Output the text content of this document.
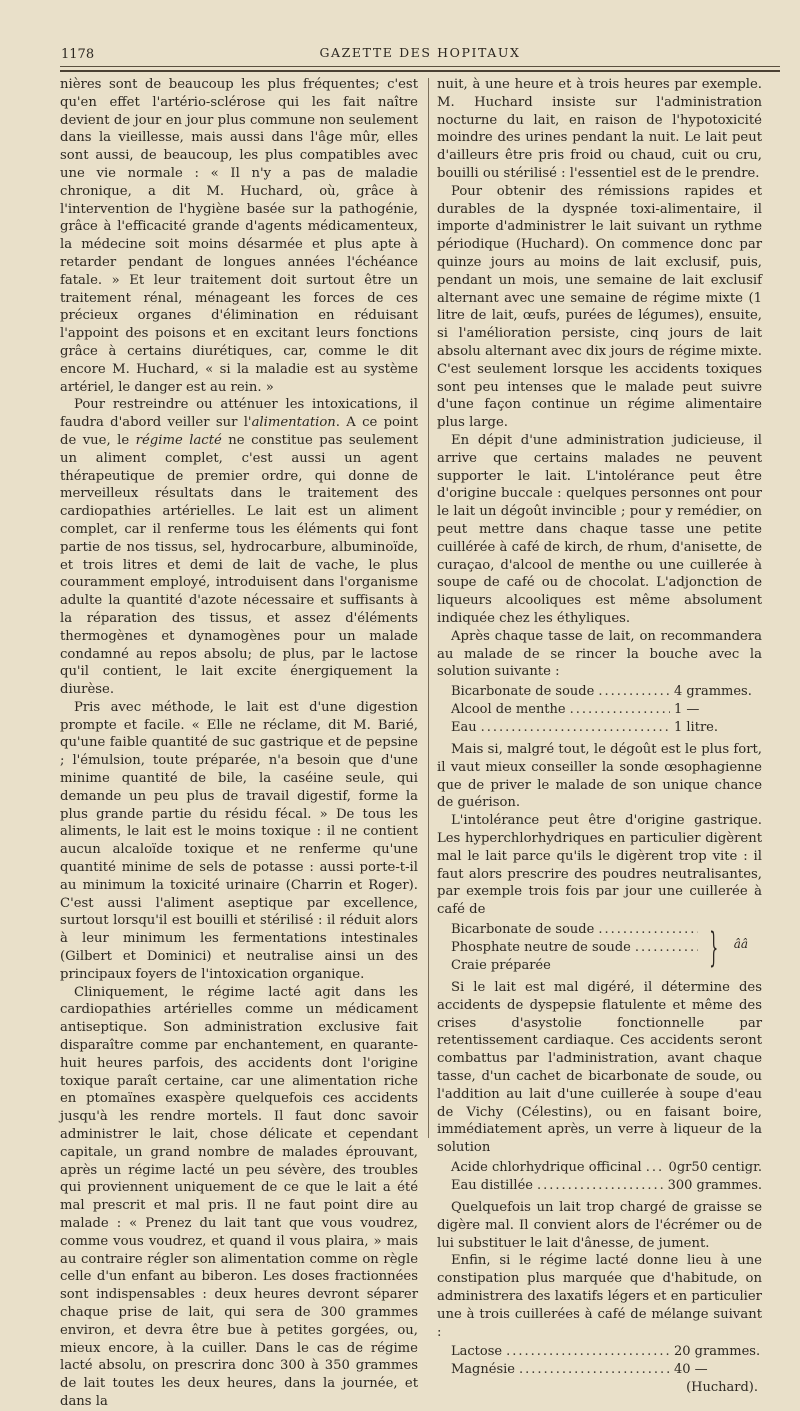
1178	GAZETTE DES HOPITAUX

nières sont de beaucoup les plus fréquentes; c'est qu'en effet l'artério-sclérose qui les fait naître devient de jour en jour plus commune non seulement dans la vieillesse, mais aussi dans l'âge mûr, elles sont aussi, de beaucoup, les plus compatibles avec une vie normale : « Il n'y a pas de maladie chronique, a dit M. Huchard, où, grâce à l'intervention de l'hygiène basée sur la pathogénie, grâce à l'efficacité grande d'agents médicamenteux, la médecine soit moins désarmée et plus apte à retarder pendant de longues années l'échéance fatale. » Et leur traitement doit surtout être un traitement rénal, ménageant les forces de ces précieux organes d'élimination en réduisant l'appoint des poisons et en excitant leurs fonctions grâce à certains diurétiques, car, comme le dit encore M. Huchard, « si la maladie est au système artériel, le danger est au rein. »

Pour restreindre ou atténuer les intoxications, il faudra d'abord veiller sur l'alimentation. A ce point de vue, le régime lacté ne constitue pas seulement un aliment complet, c'est aussi un agent thérapeutique de premier ordre, qui donne de merveilleux résultats dans le traitement des cardiopathies artérielles. Le lait est un aliment complet, car il renferme tous les éléments qui font partie de nos tissus, sel, hydrocarbure, albuminoïde, et trois litres et demi de lait de vache, le plus couramment employé, introduisent dans l'organisme adulte la quantité d'azote nécessaire et suffisants à la réparation des tissus, et assez d'éléments thermogènes et dynamogènes pour un malade condamné au repos absolu; de plus, par le lactose qu'il contient, le lait excite énergiquement la diurèse.

Pris avec méthode, le lait est d'une digestion prompte et facile. « Elle ne réclame, dit M. Barié, qu'une faible quantité de suc gastrique et de pepsine ; l'émulsion, toute préparée, n'a besoin que d'une minime quantité de bile, la caséine seule, qui demande un peu plus de travail digestif, forme la plus grande partie du résidu fécal. » De tous les aliments, le lait est le moins toxique : il ne contient aucun alcaloïde toxique et ne renferme qu'une quantité minime de sels de potasse : aussi porte-t-il au minimum la toxicité urinaire (Charrin et Roger). C'est aussi l'aliment aseptique par excellence, surtout lorsqu'il est bouilli et stérilisé : il réduit alors à leur minimum les fermentations intestinales (Gilbert et Dominici) et neutralise ainsi un des principaux foyers de l'intoxication organique.

Cliniquement, le régime lacté agit dans les cardiopathies artérielles comme un médicament antiseptique. Son administration exclusive fait disparaître comme par enchantement, en quarante-huit heures parfois, des accidents dont l'origine toxique paraît certaine, car une alimentation riche en ptomaïnes exaspère quelquefois ces accidents jusqu'à les rendre mortels. Il faut donc savoir administrer le lait, chose délicate et cependant capitale, un grand nombre de malades éprouvant, après un régime lacté un peu sévère, des troubles qui proviennent uniquement de ce que le lait a été mal prescrit et mal pris. Il ne faut point dire au malade : « Prenez du lait tant que vous voudrez, comme vous voudrez, et quand il vous plaira, » mais au contraire régler son alimentation comme on règle celle d'un enfant au biberon. Les doses fractionnées sont indispensables : deux heures devront séparer chaque prise de lait, qui sera de 300 grammes environ, et devra être bue à petites gorgées, ou, mieux encore, à la cuiller. Dans le cas de régime lacté absolu, on prescrira donc 300 à 350 grammes de lait toutes les deux heures, dans la journée, et dans la

nuit, à une heure et à trois heures par exemple. M. Huchard insiste sur l'administration nocturne du lait, en raison de l'hypotoxicité moindre des urines pendant la nuit. Le lait peut d'ailleurs être pris froid ou chaud, cuit ou cru, bouilli ou stérilisé : l'essentiel est de le prendre.

Pour obtenir des rémissions rapides et durables de la dyspnée toxi-alimentaire, il importe d'administrer le lait suivant un rythme périodique (Huchard). On commence donc par quinze jours au moins de lait exclusif, puis, pendant un mois, une semaine de lait exclusif alternant avec une semaine de régime mixte (1 litre de lait, œufs, purées de légumes), ensuite, si l'amélioration persiste, cinq jours de lait absolu alternant avec dix jours de régime mixte. C'est seulement lorsque les accidents toxiques sont peu intenses que le malade peut suivre d'une façon continue un régime alimentaire plus large.

En dépit d'une administration judicieuse, il arrive que certains malades ne peuvent supporter le lait. L'intolérance peut être d'origine buccale : quelques personnes ont pour le lait un dégoût invincible ; pour y remédier, on peut mettre dans chaque tasse une petite cuillérée à café de kirch, de rhum, d'anisette, de curaçao, d'alcool de menthe ou une cuillerée à soupe de café ou de chocolat. L'adjonction de liqueurs alcooliques est même absolument indiquée chez les éthyliques.

Après chaque tasse de lait, on recommandera au malade de se rincer la bouche avec la solution suivante :

Bicarbonate de soude .....	4 grammes.
Alcool de menthe .....	1 —
Eau .....	1 litre.

Mais si, malgré tout, le dégoût est le plus fort, il vaut mieux conseiller la sonde œsophagienne que de priver le malade de son unique chance de guérison.

L'intolérance peut être d'origine gastrique. Les hyperchlorhydriques en particulier digèrent mal le lait parce qu'ils le digèrent trop vite : il faut alors prescrire des poudres neutralisantes, par exemple trois fois par jour une cuillerée à café de

Bicarbonate de soude
.....
Phosphate neutre de soude
.....
Craie préparée	} ââ

Si le lait est mal digéré, il détermine des accidents de dyspepsie flatulente et même des crises d'asystolie fonctionnelle par retentissement cardiaque. Ces accidents seront combattus par l'administration, avant chaque tasse, d'un cachet de bicarbonate de soude, ou l'addition au lait d'une cuillerée à soupe d'eau de Vichy (Célestins), ou en faisant boire, immédiatement après, un verre à liqueur de la solution

Acide chlorhydrique officinal ..... 0gr50 centigr.
Eau distillée .....	300 grammes.

Quelquefois un lait trop chargé de graisse se digère mal. Il convient alors de l'écrémer ou de lui substituer le lait d'ânesse, de jument.

Enfin, si le régime lacté donne lieu à une constipation plus marquée que d'habitude, on administrera des laxatifs légers et en particulier une à trois cuillerées à café de mélange suivant :

Lactose .....	20 grammes.
Magnésie .....	40 —
(Huchard).
